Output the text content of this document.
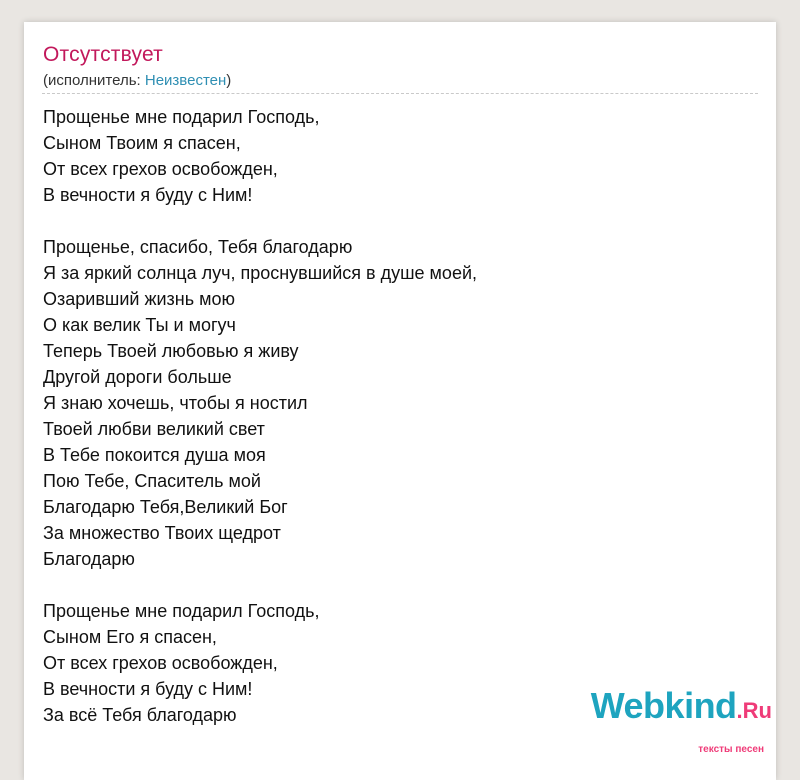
Отсутствует
(исполнитель: Неизвестен)
Прощенье мне подарил Господь,
Сыном Твоим я спасен,
От всех грехов освобожден,
В вечности я буду с Ним!

Прощенье, спасибо, Тебя благодарю
Я за яркий солнца луч, проснувшийся в душе моей,
Озаривший жизнь мою
О как велик Ты и могуч
Теперь Твоей любовью я живу
Другой дороги больше
Я знаю хочешь, чтобы я ностил
Твоей любви великий свет
В Тебе покоится душа моя
Пою Тебе, Спаситель мой
Благодарю Тебя,Великий Бог
За множество Твоих щедрот
Благодарю

Прощенье мне подарил Господь,
Сыном Его я спасен,
От всех грехов освобожден,
В вечности я буду с Ним!
За всё Тебя благодарю	Webkind.Ru
тексты песен
